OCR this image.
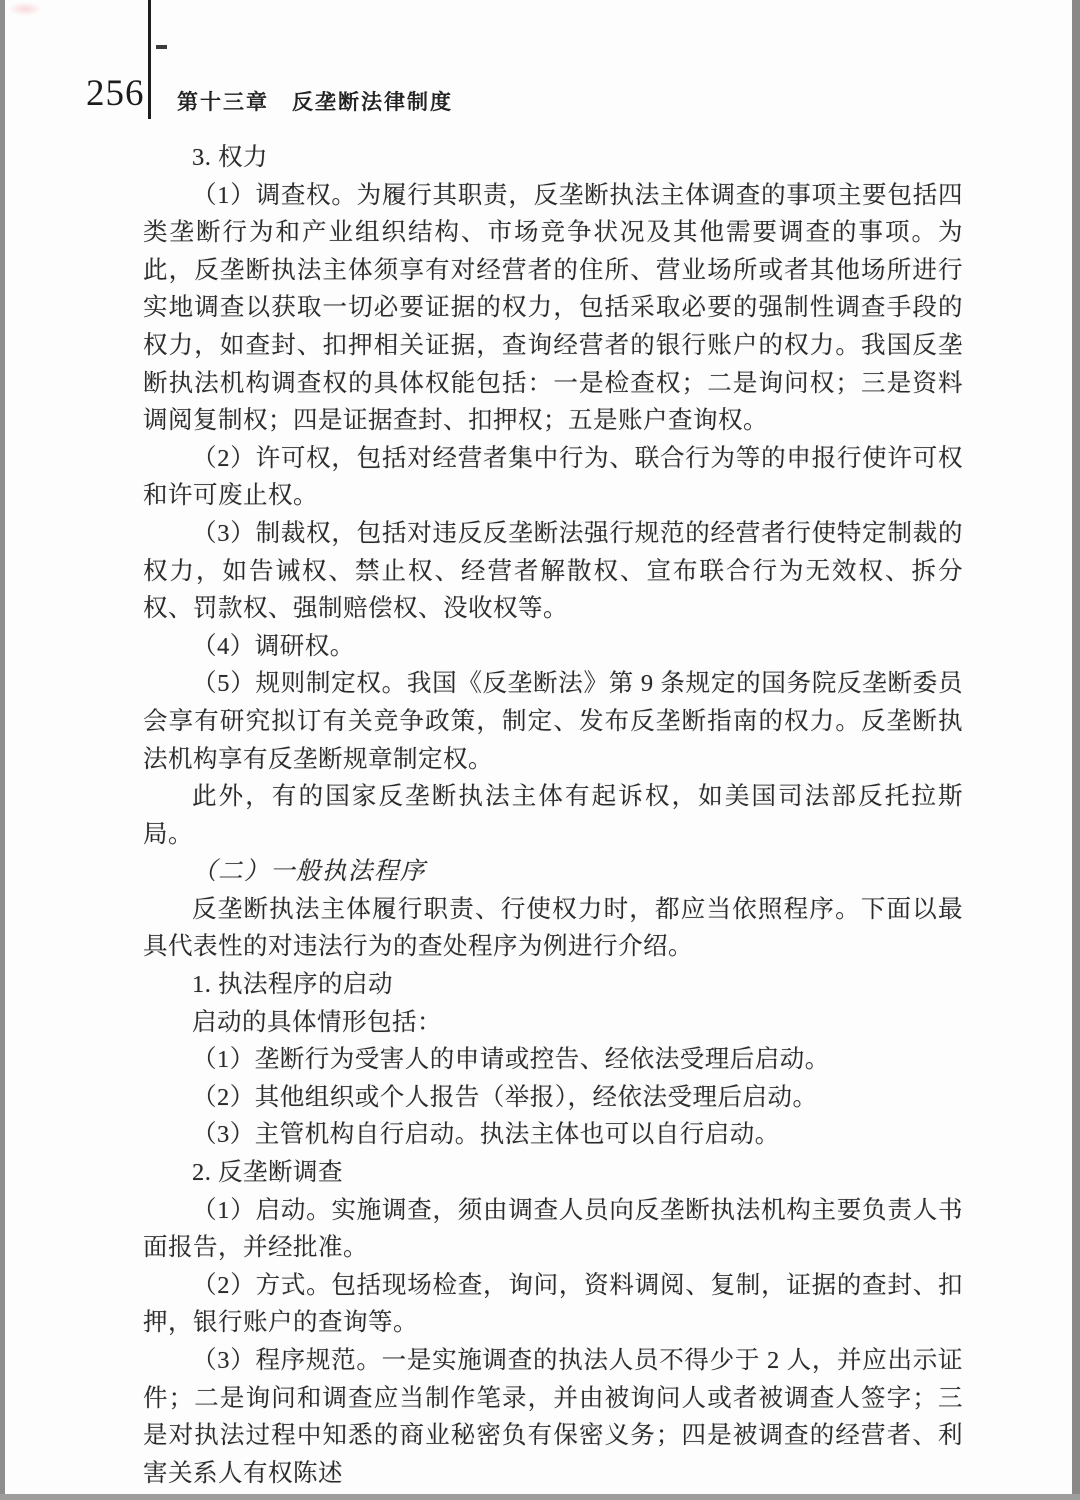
256 第十三章　反垄断法律制度

3. 权力

（1）调查权。为履行其职责，反垄断执法主体调查的事项主要包括四类垄断行为和产业组织结构、市场竞争状况及其他需要调查的事项。为此，反垄断执法主体须享有对经营者的住所、营业场所或者其他场所进行实地调查以获取一切必要证据的权力，包括采取必要的强制性调查手段的权力，如查封、扣押相关证据，查询经营者的银行账户的权力。我国反垄断执法机构调查权的具体权能包括：一是检查权；二是询问权；三是资料调阅复制权；四是证据查封、扣押权；五是账户查询权。

（2）许可权，包括对经营者集中行为、联合行为等的申报行使许可权和许可废止权。

（3）制裁权，包括对违反反垄断法强行规范的经营者行使特定制裁的权力，如告诫权、禁止权、经营者解散权、宣布联合行为无效权、拆分权、罚款权、强制赔偿权、没收权等。

（4）调研权。

（5）规则制定权。我国《反垄断法》第 9 条规定的国务院反垄断委员会享有研究拟订有关竞争政策，制定、发布反垄断指南的权力。反垄断执法机构享有反垄断规章制定权。

此外，有的国家反垄断执法主体有起诉权，如美国司法部反托拉斯局。

（二）一般执法程序

反垄断执法主体履行职责、行使权力时，都应当依照程序。下面以最具代表性的对违法行为的查处程序为例进行介绍。

1. 执法程序的启动

启动的具体情形包括：

（1）垄断行为受害人的申请或控告、经依法受理后启动。

（2）其他组织或个人报告（举报），经依法受理后启动。

（3）主管机构自行启动。执法主体也可以自行启动。

2. 反垄断调查

（1）启动。实施调查，须由调查人员向反垄断执法机构主要负责人书面报告，并经批准。

（2）方式。包括现场检查，询问，资料调阅、复制，证据的查封、扣押，银行账户的查询等。

（3）程序规范。一是实施调查的执法人员不得少于 2 人，并应出示证件；二是询问和调查应当制作笔录，并由被询问人或者被调查人签字；三是对执法过程中知悉的商业秘密负有保密义务；四是被调查的经营者、利害关系人有权陈述
